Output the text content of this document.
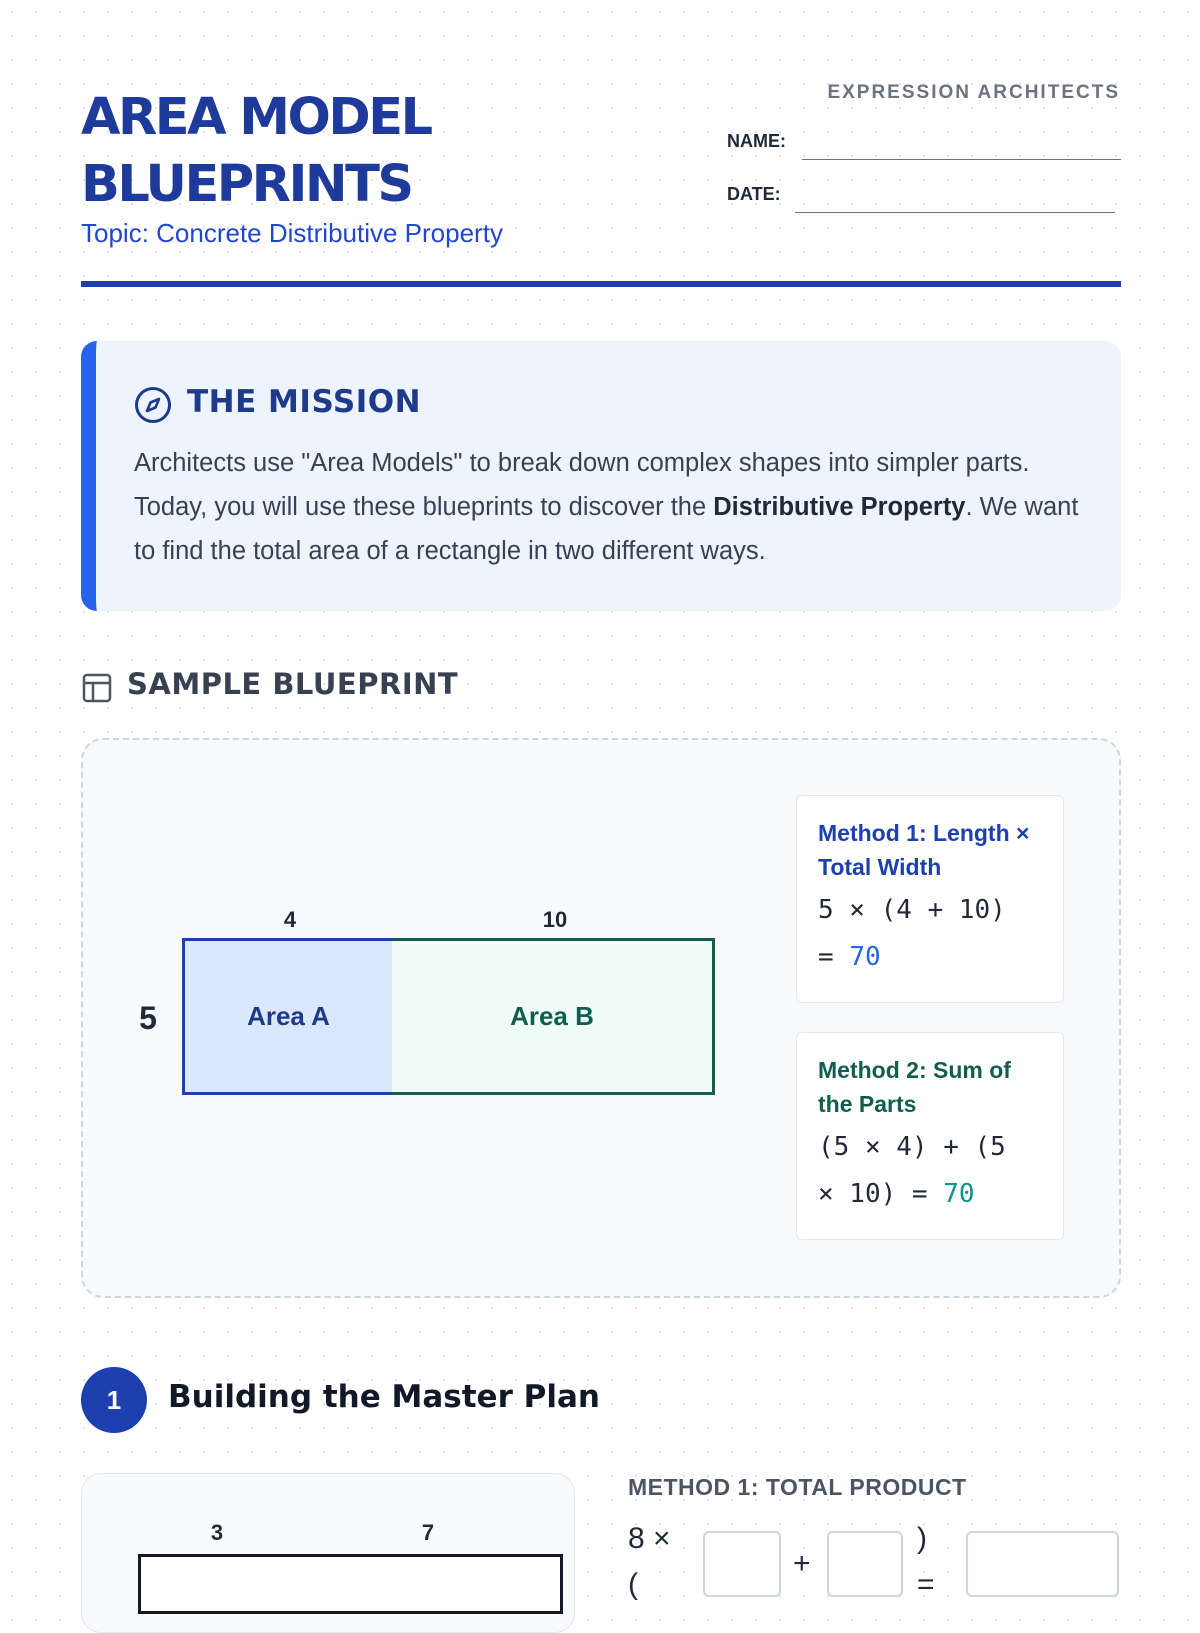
AREA MODEL
BLUEPRINTS
Topic: Concrete Distributive Property
EXPRESSION ARCHITECTS
NAME:
DATE:
THE MISSION
Architects use "Area Models" to break down complex shapes into simpler parts. Today, you will use these blueprints to discover the Distributive Property. We want to find the total area of a rectangle in two different ways.
SAMPLE BLUEPRINT
4	10
5	Area A	Area B
Method 1: Length ×
Total Width
5 × (4 + 10)
= 70
Method 2: Sum of
the Parts
(5 × 4) + (5
× 10) = 70
1	Building the Master Plan
3	7
METHOD 1: TOTAL PRODUCT
8 ×
(
+
)
=
